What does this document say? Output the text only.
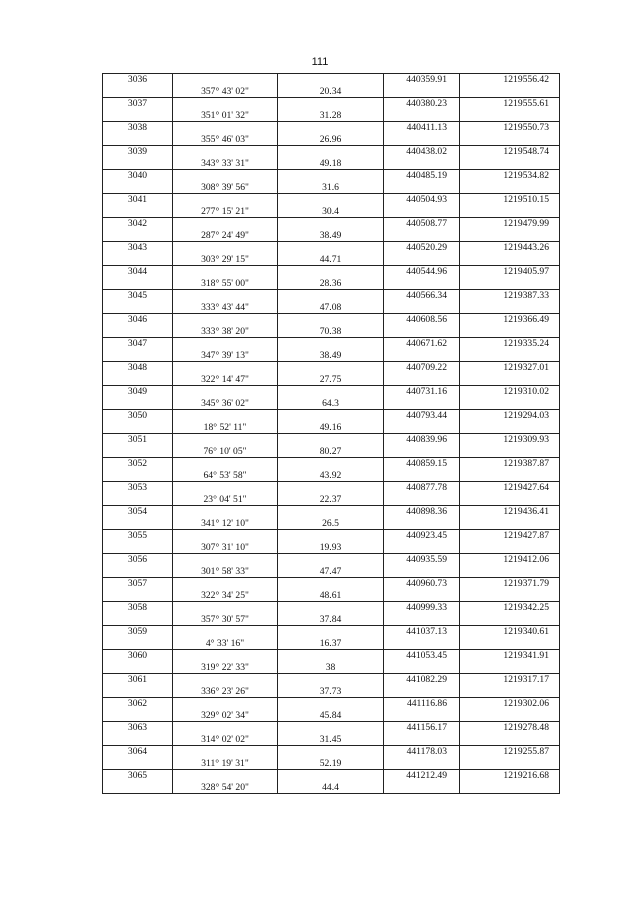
111
3036			440359.91	1219556.42
	357° 43' 02"	20.34		
3037			440380.23	1219555.61
	351° 01' 32"	31.28		
3038			440411.13	1219550.73
	355° 46' 03"	26.96		
3039			440438.02	1219548.74
	343° 33' 31"	49.18		
3040			440485.19	1219534.82
	308° 39' 56"	31.6		
3041			440504.93	1219510.15
	277° 15' 21"	30.4		
3042			440508.77	1219479.99
	287° 24' 49"	38.49		
3043			440520.29	1219443.26
	303° 29' 15"	44.71		
3044			440544.96	1219405.97
	318° 55' 00"	28.36		
3045			440566.34	1219387.33
	333° 43' 44"	47.08		
3046			440608.56	1219366.49
	333° 38' 20"	70.38		
3047			440671.62	1219335.24
	347° 39' 13"	38.49		
3048			440709.22	1219327.01
	322° 14' 47"	27.75		
3049			440731.16	1219310.02
	345° 36' 02"	64.3		
3050			440793.44	1219294.03
	18° 52' 11"	49.16		
3051			440839.96	1219309.93
	76° 10' 05"	80.27		
3052			440859.15	1219387.87
	64° 53' 58"	43.92		
3053			440877.78	1219427.64
	23° 04' 51"	22.37		
3054			440898.36	1219436.41
	341° 12' 10"	26.5		
3055			440923.45	1219427.87
	307° 31' 10"	19.93		
3056			440935.59	1219412.06
	301° 58' 33"	47.47		
3057			440960.73	1219371.79
	322° 34' 25"	48.61		
3058			440999.33	1219342.25
	357° 30' 57"	37.84		
3059			441037.13	1219340.61
	4° 33' 16"	16.37		
3060			441053.45	1219341.91
	319° 22' 33"	38		
3061			441082.29	1219317.17
	336° 23' 26"	37.73		
3062			441116.86	1219302.06
	329° 02' 34"	45.84		
3063			441156.17	1219278.48
	314° 02' 02"	31.45		
3064			441178.03	1219255.87
	311° 19' 31"	52.19		
3065			441212.49	1219216.68
	328° 54' 20"	44.4		
